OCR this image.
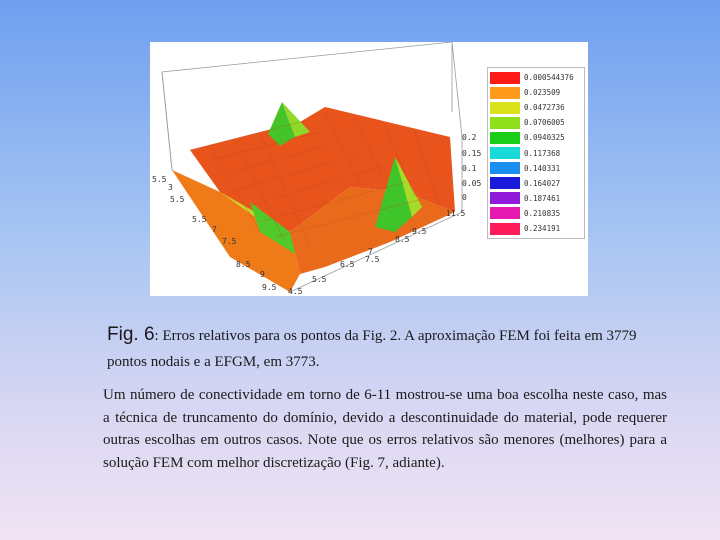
0.2
0.15
0.1
0.05
0
5.5
3
5.5
5.5
7
7.5
8.5
9
9.5 4.5
5.5
6.5
7
7.5
8.5
9.5
11.5
0.000544376
0.023509
0.0472736
0.0706005
0.0940325
0.117368
0.140331
0.164027
0.187461
0.210835
0.234191
Fig. 6: Erros relativos para os pontos da Fig. 2. A aproximação FEM foi feita em 3779 pontos nodais e a EFGM, em 3773.
Um número de conectividade em torno de 6-11 mostrou-se uma boa escolha neste caso, mas a técnica de truncamento do domínio, devido a descontinuidade do material, pode requerer outras escolhas em outros casos. Note que os erros relativos são menores (melhores) para a solução FEM com melhor discretização (Fig. 7, adiante).
